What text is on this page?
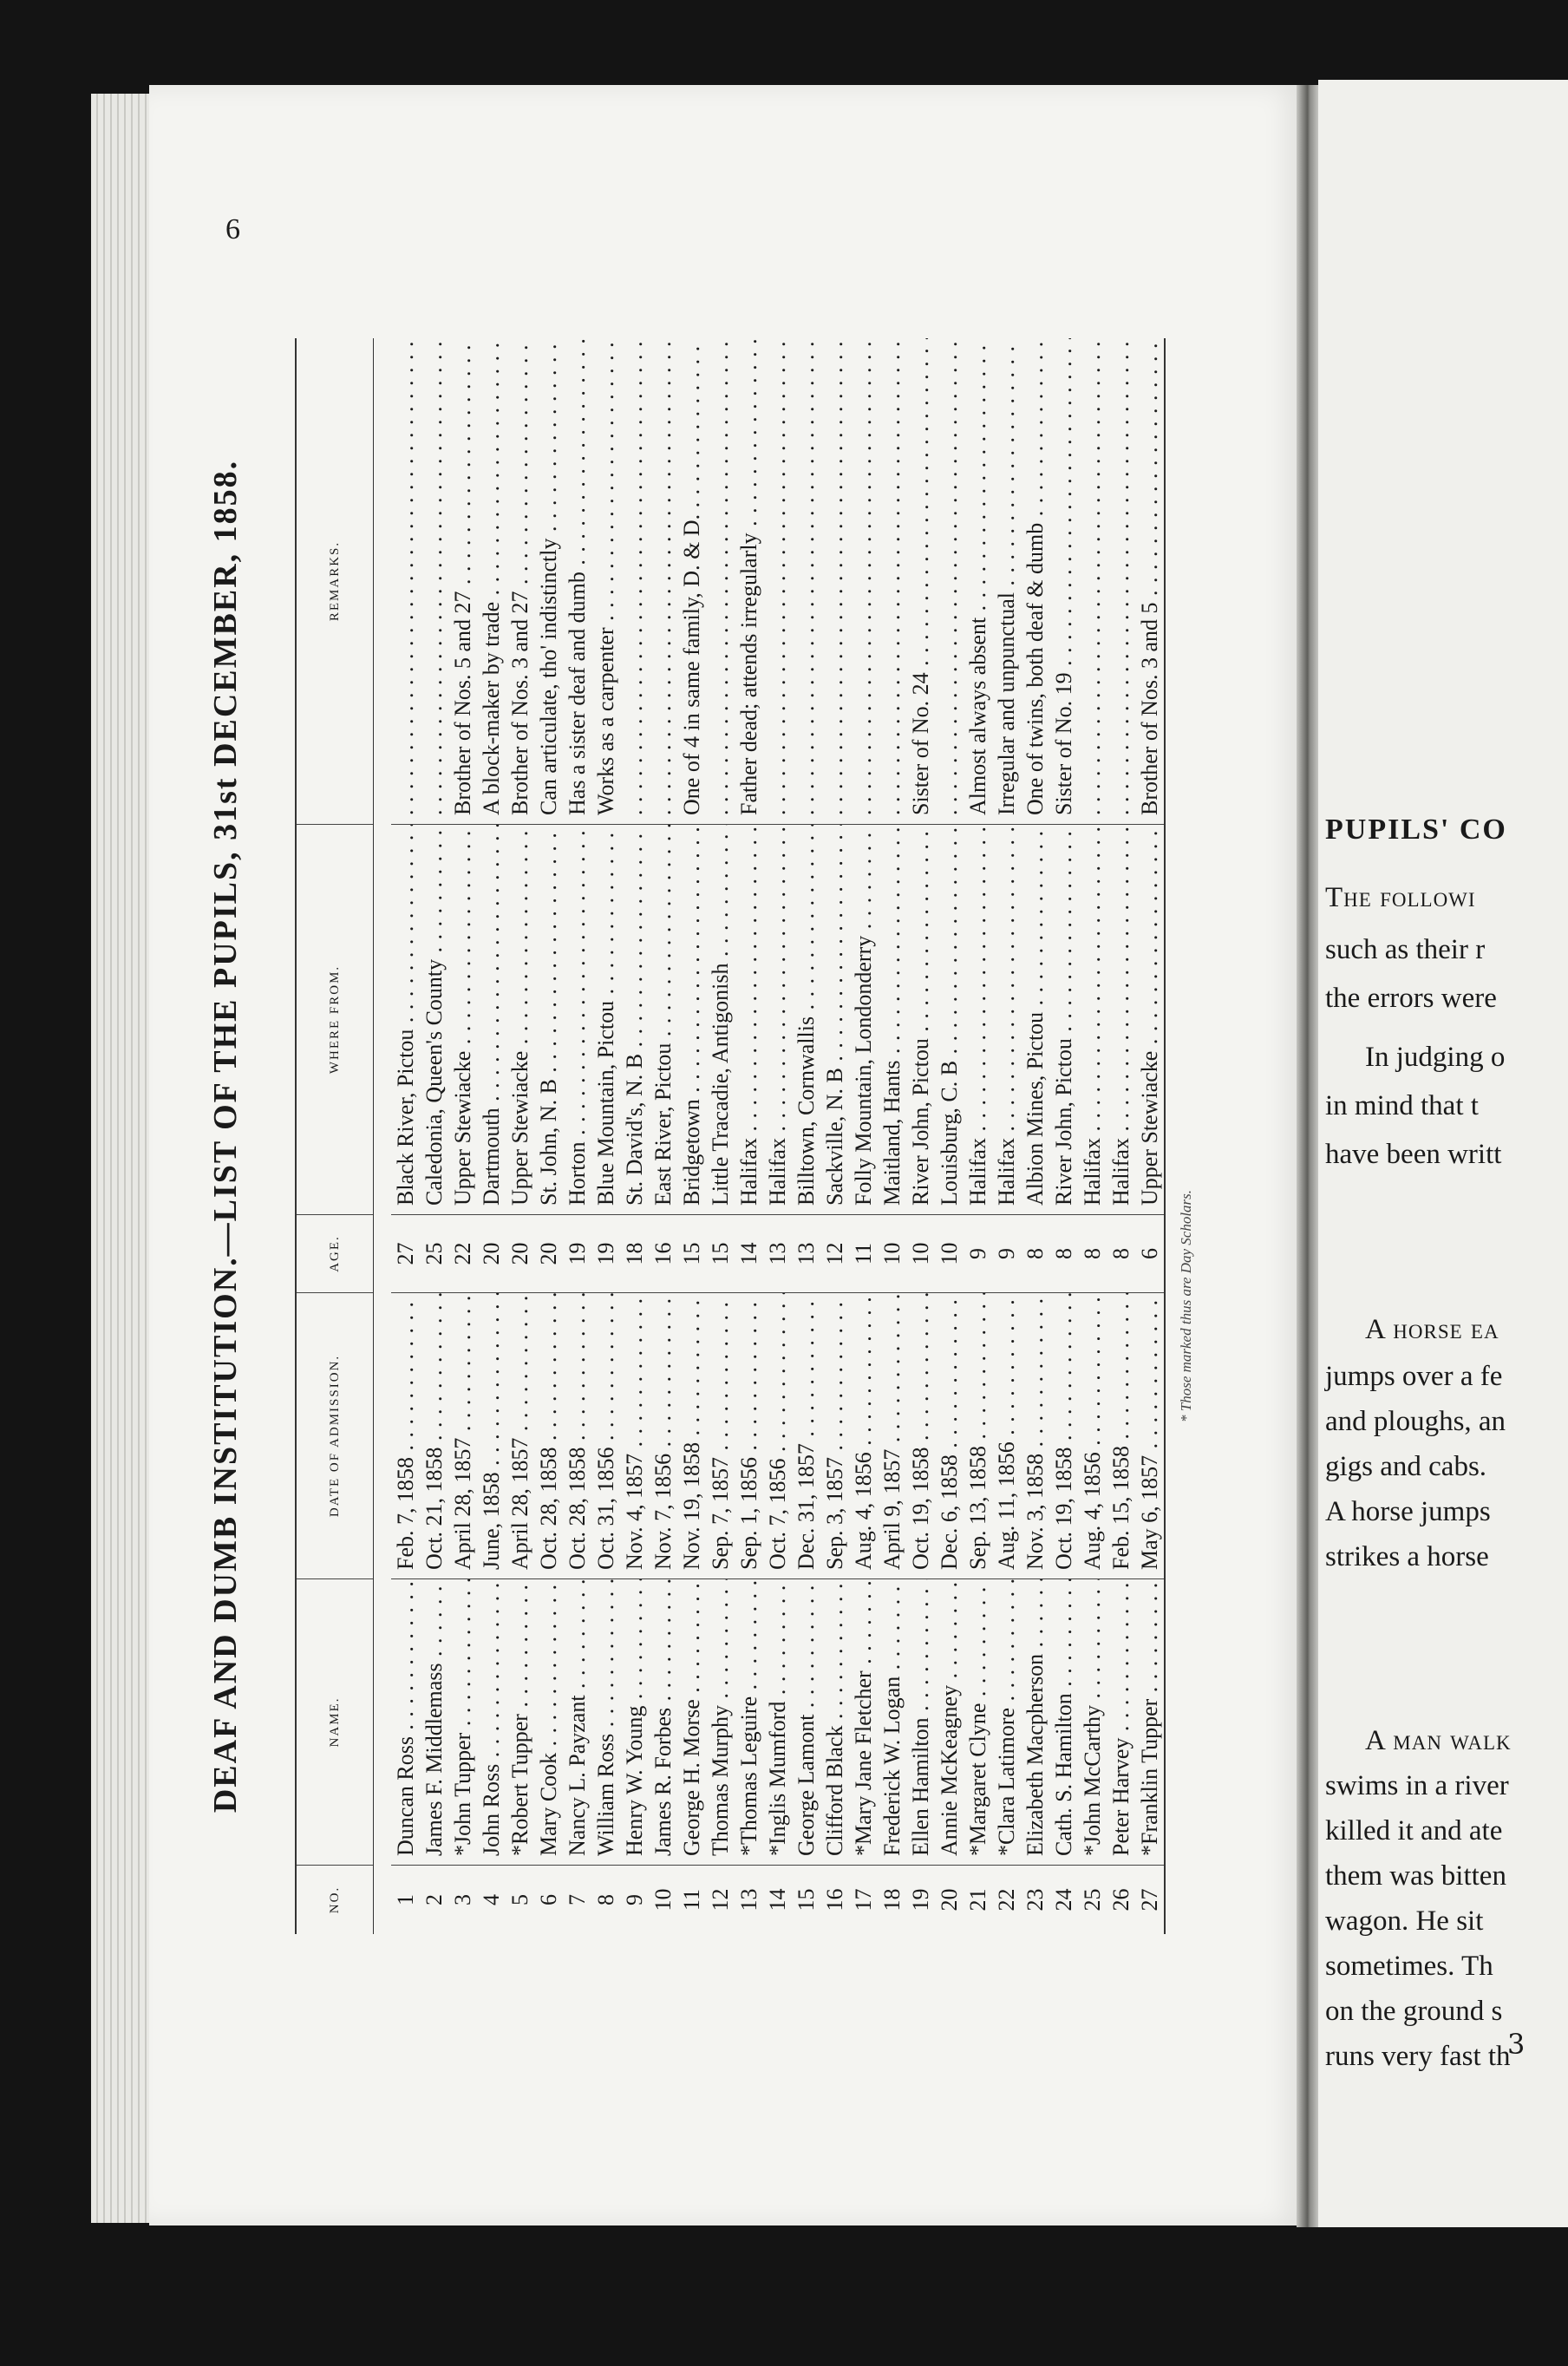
DEAF AND DUMB INSTITUTION.—LIST OF THE PUPILS, 31st DECEMBER, 1858.
6
NO.
NAME.
DATE OF ADMISSION.
AGE.
WHERE FROM.
REMARKS.
1
Duncan Ross . . .
Feb. 7, 1858 . . .
27
Black River, Pictou . . .
. . .
2
James F. Middlemass . . .
Oct. 21, 1858 . . .
25
Caledonia, Queen's County . . .
. . .
3
*John Tupper . . .
April 28, 1857 . . .
22
Upper Stewiacke . . .
Brother of Nos. 5 and 27 . . .
4
John Ross . . .
June, 1858 . . .
20
Dartmouth . . .
A block-maker by trade . . .
5
*Robert Tupper . . .
April 28, 1857 . . .
20
Upper Stewiacke . . .
Brother of Nos. 3 and 27 . . .
6
Mary Cook . . .
Oct. 28, 1858 . . .
20
St. John, N. B . . .
Can articulate, tho' indistinctly . . .
7
Nancy L. Payzant . . .
Oct. 28, 1858 . . .
19
Horton . . .
Has a sister deaf and dumb . . .
8
William Ross . . .
Oct. 31, 1856 . . .
19
Blue Mountain, Pictou . . .
Works as a carpenter . . .
9
Henry W. Young . . .
Nov. 4, 1857 . . .
18
St. David's, N. B . . .
. . .
10
James R. Forbes . . .
Nov. 7, 1856 . . .
16
East River, Pictou . . .
. . .
11
George H. Morse . . .
Nov. 19, 1858 . . .
15
Bridgetown . . .
One of 4 in same family, D. & D. . . .
12
Thomas Murphy . . .
Sep. 7, 1857 . . .
15
Little Tracadie, Antigonish . . .
. . .
13
*Thomas Leguire . . .
Sep. 1, 1856 . . .
14
Halifax . . .
Father dead; attends irregularly . . .
14
*Inglis Mumford . . .
Oct. 7, 1856 . . .
13
Halifax . . .
. . .
15
George Lamont . . .
Dec. 31, 1857 . . .
13
Billtown, Cornwallis . . .
. . .
16
Clifford Black . . .
Sep. 3, 1857 . . .
12
Sackville, N. B . . .
. . .
17
*Mary Jane Fletcher . . .
Aug. 4, 1856 . . .
11
Folly Mountain, Londonderry . . .
. . .
18
Frederick W. Logan . . .
April 9, 1857 . . .
10
Maitland, Hants . . .
. . .
19
Ellen Hamilton . . .
Oct. 19, 1858 . . .
10
River John, Pictou . . .
Sister of No. 24 . . .
20
Annie McKeagney . . .
Dec. 6, 1858 . . .
10
Louisburg, C. B . . .
. . .
21
*Margaret Clyne . . .
Sep. 13, 1858 . . .
9
Halifax . . .
Almost always absent . . .
22
*Clara Latimore . . .
Aug. 11, 1856 . . .
9
Halifax . . .
Irregular and unpunctual . . .
23
Elizabeth Macpherson . . .
Nov. 3, 1858 . . .
8
Albion Mines, Pictou . . .
One of twins, both deaf & dumb . . .
24
Cath. S. Hamilton . . .
Oct. 19, 1858 . . .
8
River John, Pictou . . .
Sister of No. 19 . . .
25
*John McCarthy . . .
Aug. 4, 1856 . . .
8
Halifax . . .
. . .
26
Peter Harvey . . .
Feb. 15, 1858 . . .
8
Halifax . . .
. . .
27
*Franklin Tupper . . .
May 6, 1857 . . .
6
Upper Stewiacke . . .
Brother of Nos. 3 and 5 . . .
* Those marked thus are Day Scholars.
PUPILS' CO
3
The followi
such as their r
the errors were
In judging o
in mind that t
have been writt
A horse ea
jumps over a fe
and ploughs, an
gigs and cabs.
A horse jumps
strikes a horse
A man walk
swims in a river
killed it and ate
them was bitten
wagon. He sit
sometimes. Th
on the ground s
runs very fast th
